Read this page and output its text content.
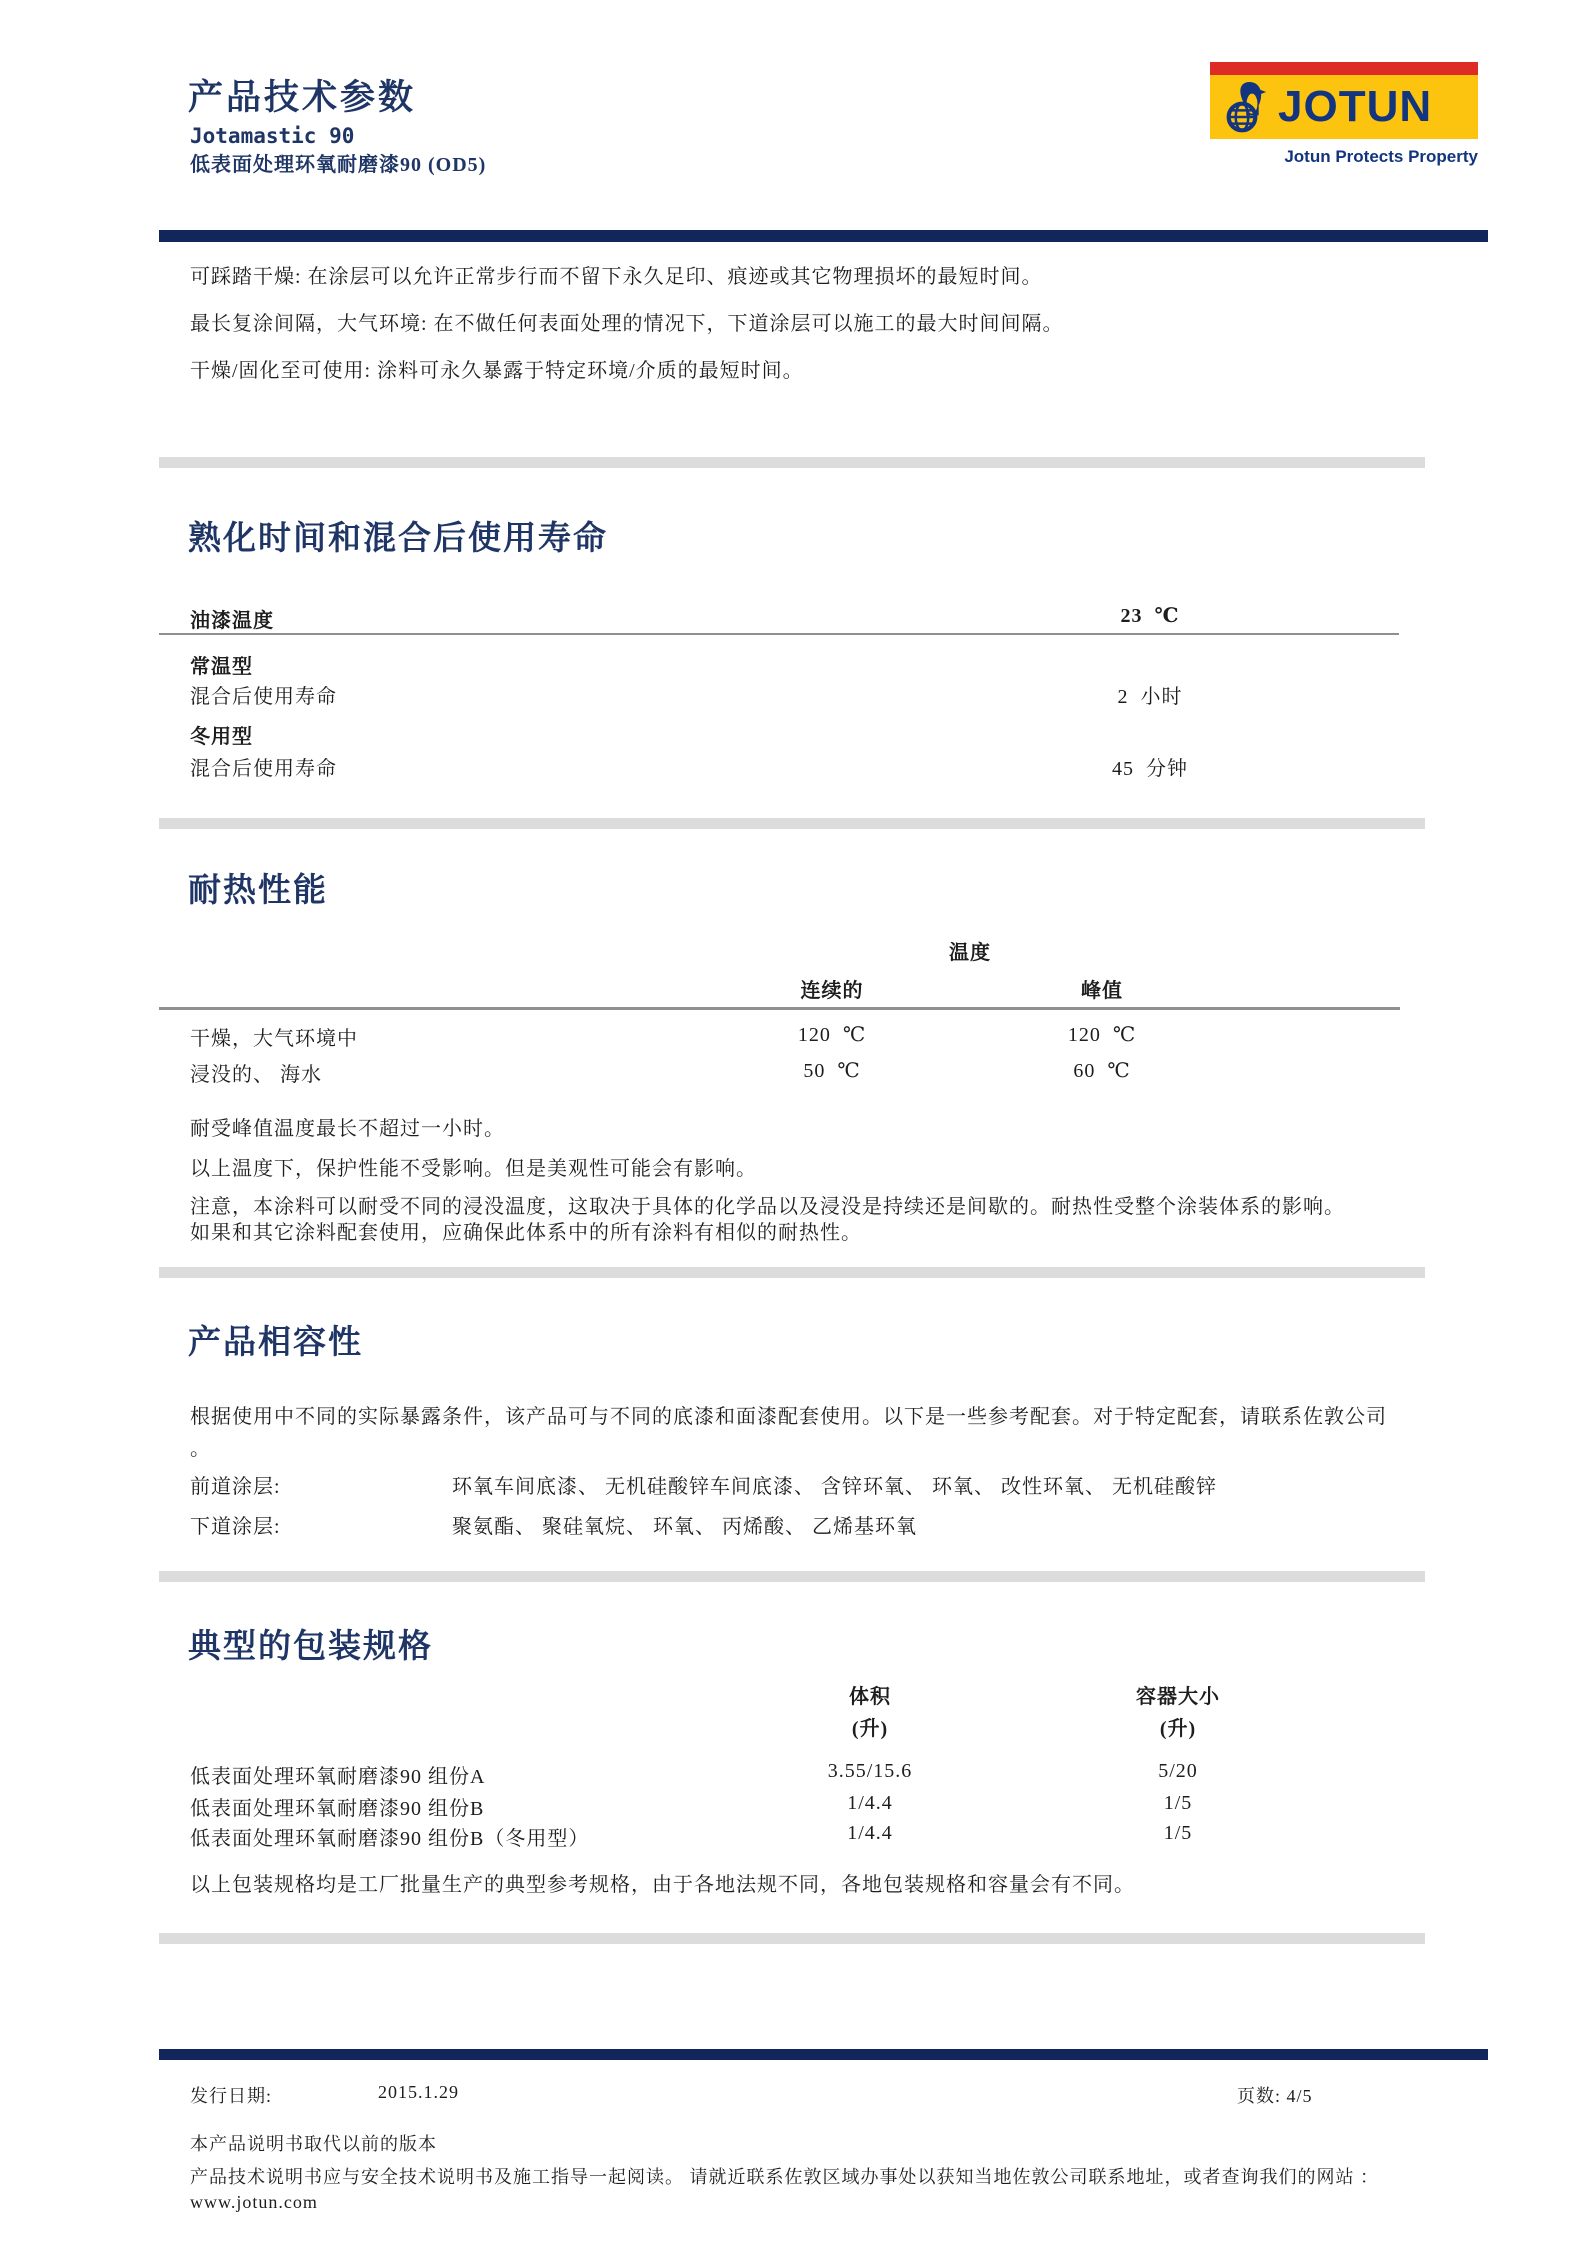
产品技术参数
Jotamastic 90
低表面处理环氧耐磨漆90 (OD5)
JOTUN
Jotun Protects Property
可踩踏干燥: 在涂层可以允许正常步行而不留下永久足印、痕迹或其它物理损坏的最短时间。
最长复涂间隔，大气环境: 在不做任何表面处理的情况下，下道涂层可以施工的最大时间间隔。
干燥/固化至可使用: 涂料可永久暴露于特定环境/介质的最短时间。
熟化时间和混合后使用寿命
油漆温度	23  ℃
常温型
混合后使用寿命	2  小时
冬用型
混合后使用寿命	45  分钟
耐热性能
温度
连续的	峰值
干燥，大气环境中	120  ℃	120  ℃
浸没的、 海水	50  ℃	60  ℃
耐受峰值温度最长不超过一小时。
以上温度下，保护性能不受影响。但是美观性可能会有影响。
注意，本涂料可以耐受不同的浸没温度，这取决于具体的化学品以及浸没是持续还是间歇的。耐热性受整个涂装体系的影响。
如果和其它涂料配套使用，应确保此体系中的所有涂料有相似的耐热性。
产品相容性
根据使用中不同的实际暴露条件，该产品可与不同的底漆和面漆配套使用。以下是一些参考配套。对于特定配套，请联系佐敦公司
。
前道涂层:	环氧车间底漆、 无机硅酸锌车间底漆、 含锌环氧、 环氧、 改性环氧、 无机硅酸锌
下道涂层:	聚氨酯、 聚硅氧烷、 环氧、 丙烯酸、 乙烯基环氧
典型的包装规格
体积
(升)
容器大小
(升)
低表面处理环氧耐磨漆90 组份A	3.55/15.6	5/20
低表面处理环氧耐磨漆90 组份B	1/4.4	1/5
低表面处理环氧耐磨漆90 组份B（冬用型）	1/4.4	1/5
以上包装规格均是工厂批量生产的典型参考规格，由于各地法规不同，各地包装规格和容量会有不同。
发行日期:	2015.1.29	页数: 4/5
本产品说明书取代以前的版本
产品技术说明书应与安全技术说明书及施工指导一起阅读。 请就近联系佐敦区域办事处以获知当地佐敦公司联系地址，或者查询我们的网站 ：
www.jotun.com
